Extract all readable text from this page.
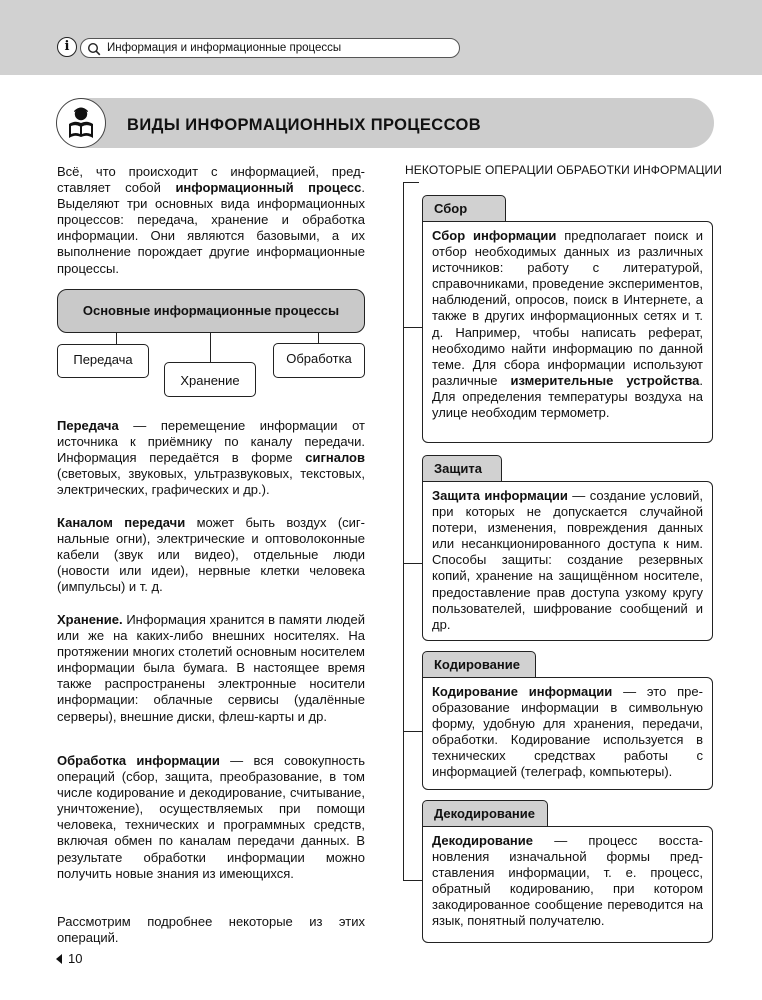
i	Информация и информационные процессы
ВИДЫ ИНФОРМАЦИОННЫХ ПРОЦЕССОВ
Всё, что происходит с информацией, представляет собой информационный процесс. Выделяют три основных вида информационных процессов: передача, хранение и обработка информации. Они являются базовыми, а их выполнение порождает другие информационные процессы.
Основные информационные процессы
Передача
Хранение
Обработка
Передача — перемещение информации от источника к приёмнику по каналу передачи. Информация передаётся в форме сигналов (световых, звуковых, ультразвуковых, текстовых, электрических, графических и др.).
Каналом передачи может быть воздух (сигнальные огни), электрические и оптоволоконные кабели (звук или видео), отдельные люди (новости или идеи), нервные клетки человека (импульсы) и т. д.
Хранение. Информация хранится в памяти людей или же на каких-либо внешних носителях. На протяжении многих столетий основным носителем информации была бумага. В настоящее время также распространены электронные носители информации: облачные сервисы (удалённые серверы), внешние диски, флеш-карты и др.
Обработка информации — вся совокупность операций (сбор, защита, преобразование, в том числе кодирование и декодирование, считывание, уничтожение), осуществляемых при помощи человека, технических и программных средств, включая обмен по каналам передачи данных. В результате обработки информации можно получить новые знания из имеющихся.
Рассмотрим подробнее некоторые из этих операций.
НЕКОТОРЫЕ ОПЕРАЦИИ ОБРАБОТКИ ИНФОРМАЦИИ
Сбор
Сбор информации предполагает поиск и отбор необходимых данных из различных источников: работу с литературой, справочниками, проведение экспериментов, наблюдений, опросов, поиск в Интернете, а также в других информационных сетях и т. д. Например, чтобы написать реферат, необходимо найти информацию по данной теме. Для сбора информации используют различные измерительные устройства. Для определения температуры воздуха на улице необходим термометр.
Защита
Защита информации — создание условий, при которых не допускается случайной потери, изменения, повреждения данных или несанкционированного доступа к ним. Способы защиты: создание резервных копий, хранение на защищённом носителе, предоставление прав доступа узкому кругу пользователей, шифрование сообщений и др.
Кодирование
Кодирование информации — это преобразование информации в символьную форму, удобную для хранения, передачи, обработки. Кодирование используется в технических средствах работы с информацией (телеграф, компьютеры).
Декодирование
Декодирование — процесс восстановления изначальной формы представления информации, т. е. процесс, обратный кодированию, при котором закодированное сообщение переводится на язык, понятный получателю.
10
